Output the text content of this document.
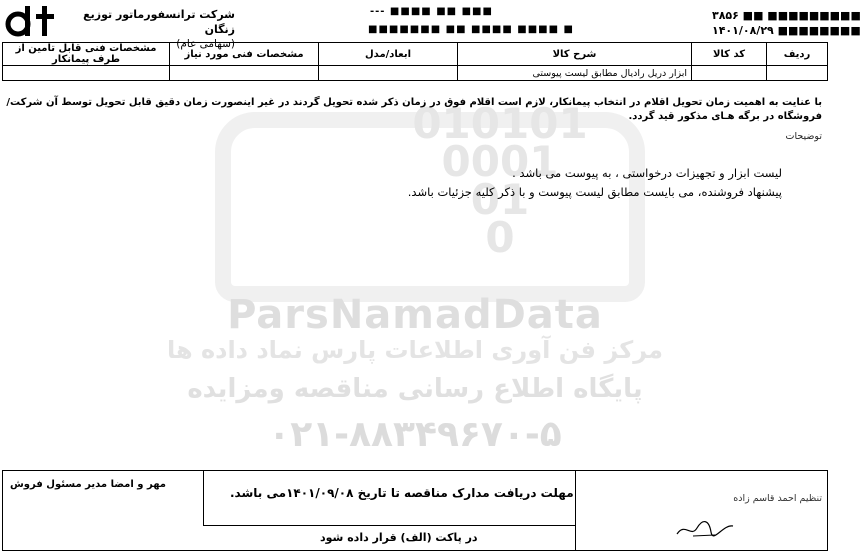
شرکت ترانسفورماتور توزیع زنگان
(سهامی عام)
--- ■■■■ ■■ ■■■
■■■■■■■ ■■ ■■■■ ■■■■ ■
۳۸۵۶ ■■ ■■■■■■■■■
۱۴۰۱/۰۸/۲۹ ■■■■■■■■
ردیف	کد کالا	شرح کالا	ابعاد/مدل	مشخصات فنی مورد نیاز	مشخصات فنی قابل تامین از طرف پیمانکار
		ابزار دریل رادیال مطابق لیست پیوستی			
010101
0001
01
0
ParsNamadData
مرکز فن آوری اطلاعات پارس نماد داده ها
پایگاه اطلاع رسانی مناقصه ومزایده
۰۲۱-۸۸۳۴۹۶۷۰-۵
با عنایت به اهمیت زمان تحویل اقلام در انتخاب پیمانکار، لازم است اقلام فوق در زمان ذکر شده تحویل گردند در غیر اینصورت زمان دقیق قابل تحویل توسط آن شرکت/فروشگاه در برگه هـای مذکور قید گردد.
توضیحات
لیست ابزار و تجهیزات درخواستی ، به پیوست می باشد .
پیشنهاد فروشنده، می بایست مطابق لیست پیوست و با ذکر کلیه جزئیات باشد.
مهر و امضا مدیر مسئول فروش
مهلت دریافت مدارک مناقصه تا تاریخ ۱۴۰۱/۰۹/۰۸می باشد.	تنظیم احمد قاسم زاده
در پاکت (الف) قرار داده شود
